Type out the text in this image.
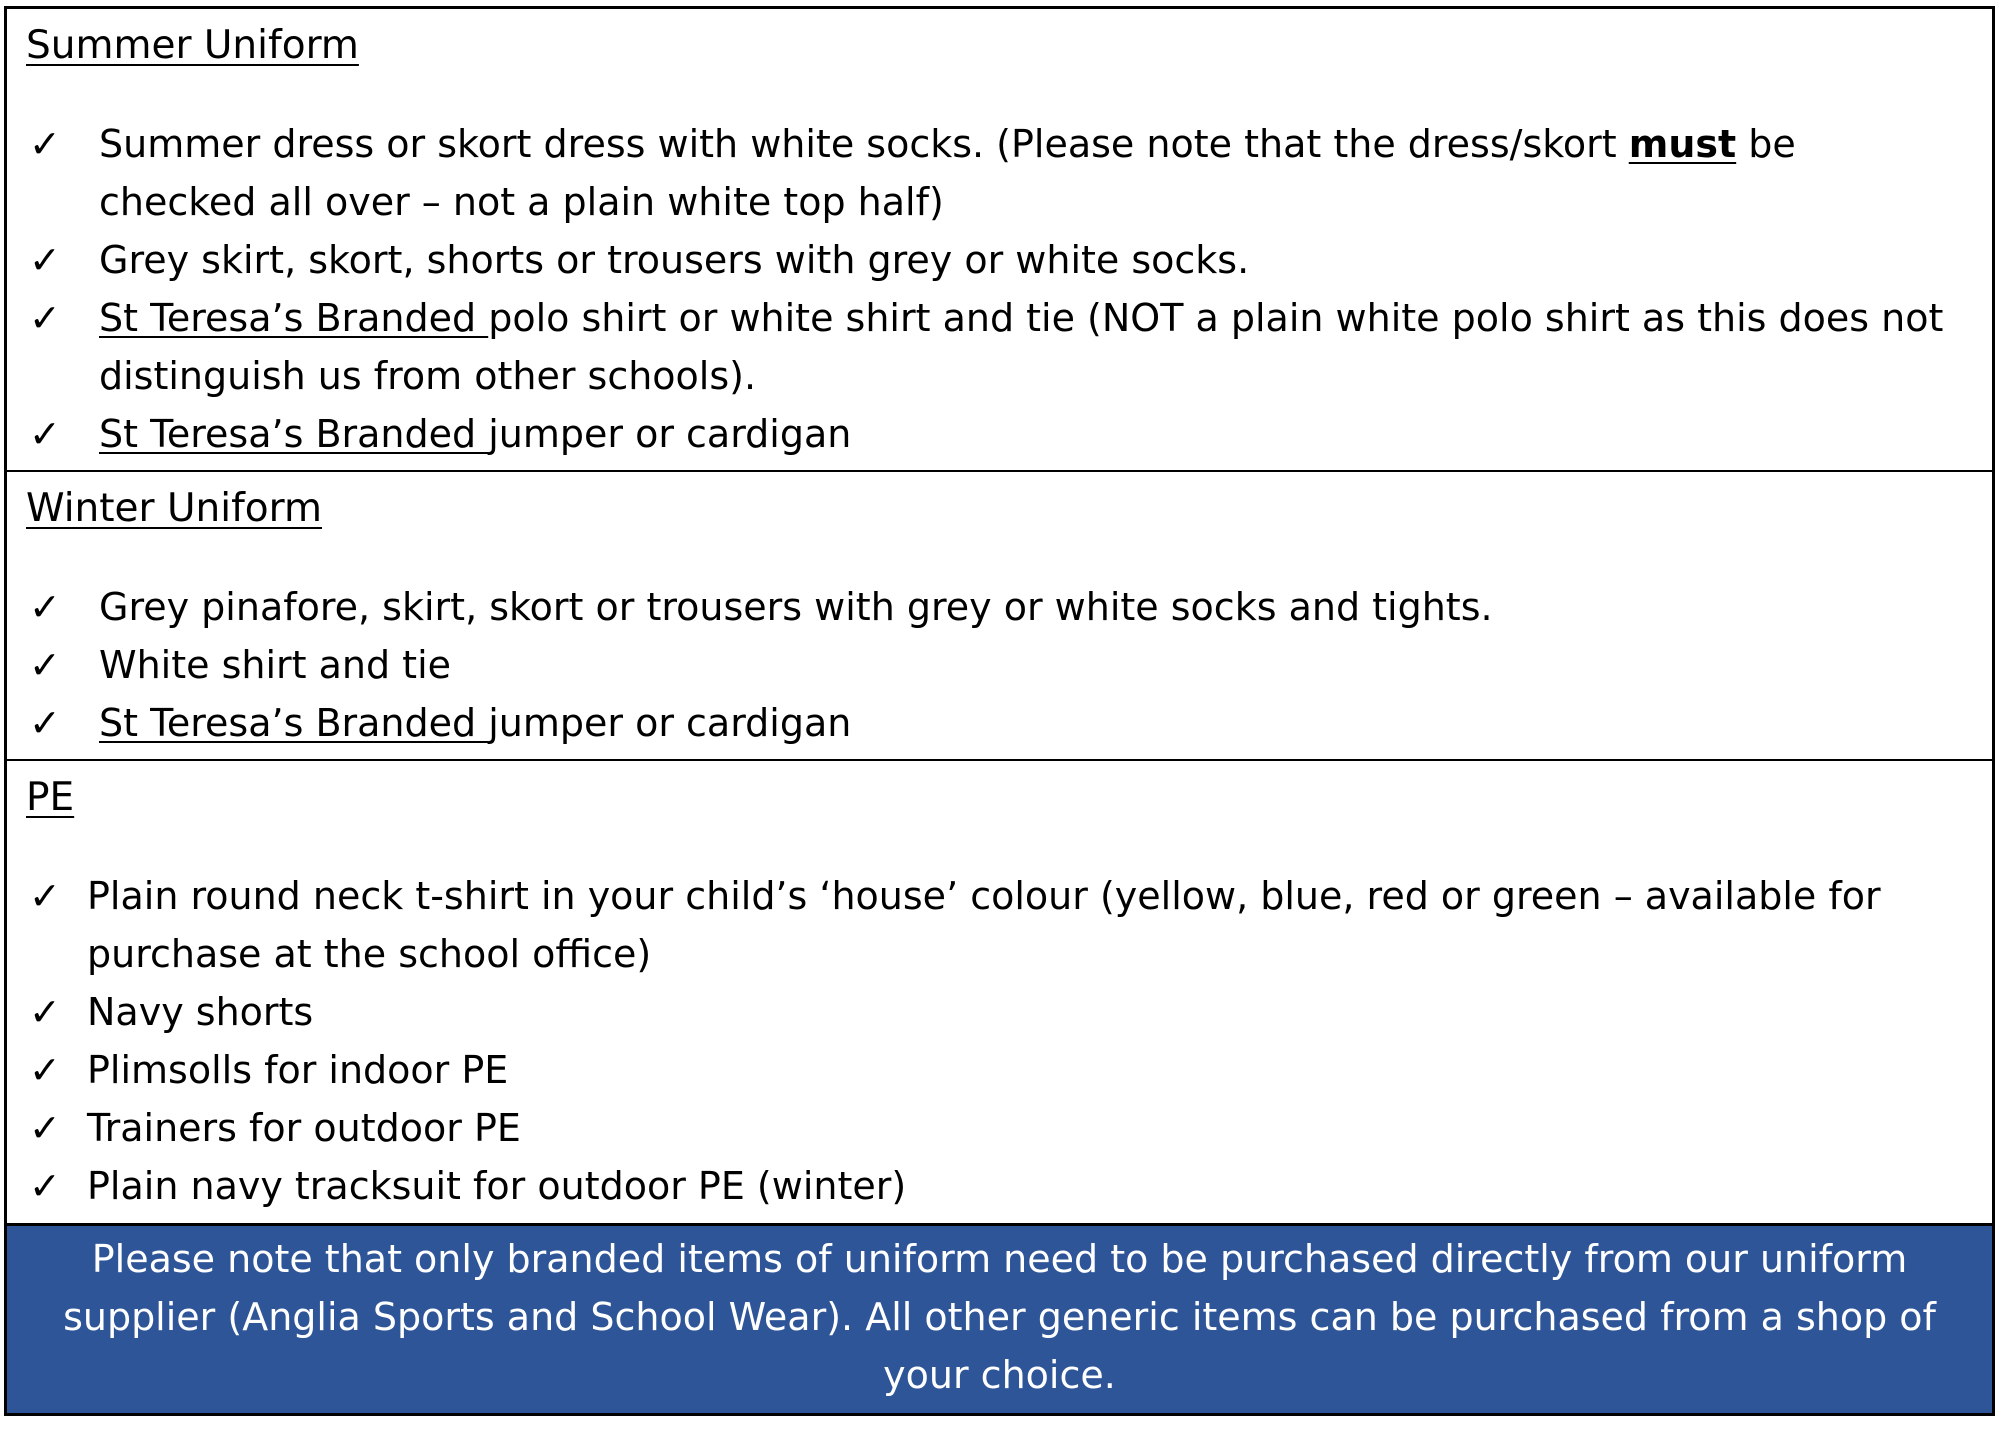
Summer Uniform
✓ Summer dress or skort dress with white socks. (Please note that the dress/skort must be checked all over – not a plain white top half)
✓ Grey skirt, skort, shorts or trousers with grey or white socks.
✓ St Teresa’s Branded polo shirt or white shirt and tie (NOT a plain white polo shirt as this does not distinguish us from other schools).
✓ St Teresa’s Branded jumper or cardigan
Winter Uniform
✓ Grey pinafore, skirt, skort or trousers with grey or white socks and tights.
✓ White shirt and tie
✓ St Teresa’s Branded jumper or cardigan
PE
✓ Plain round neck t-shirt in your child’s ‘house’ colour (yellow, blue, red or green – available for purchase at the school office)
✓ Navy shorts
✓ Plimsolls for indoor PE
✓ Trainers for outdoor PE
✓ Plain navy tracksuit for outdoor PE (winter)
Please note that only branded items of uniform need to be purchased directly from our uniform supplier (Anglia Sports and School Wear). All other generic items can be purchased from a shop of your choice.
